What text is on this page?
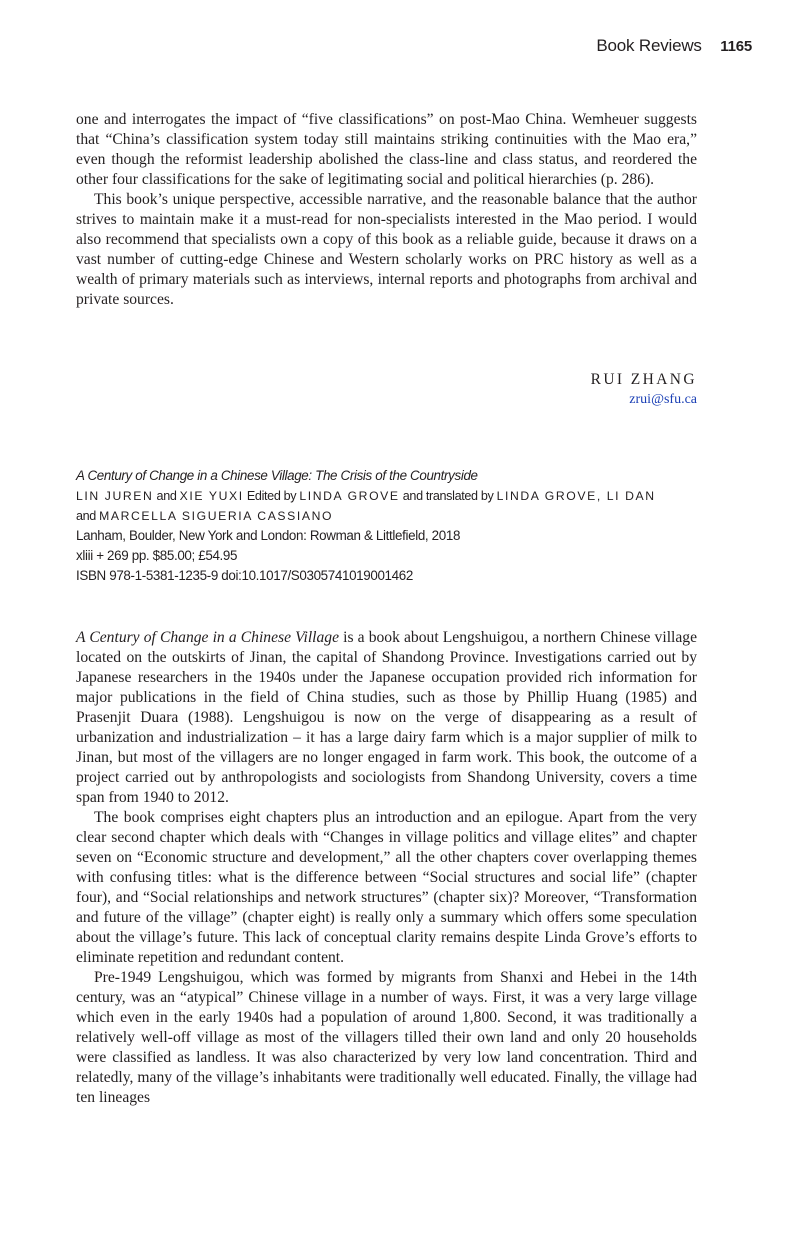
Book Reviews 1165

one and interrogates the impact of “five classifications” on post-Mao China. Wemheuer suggests that “China’s classification system today still maintains striking continuities with the Mao era,” even though the reformist leadership abolished the class-line and class status, and reordered the other four classifications for the sake of legitimating social and political hierarchies (p. 286).

This book’s unique perspective, accessible narrative, and the reasonable balance that the author strives to maintain make it a must-read for non-specialists interested in the Mao period. I would also recommend that specialists own a copy of this book as a reliable guide, because it draws on a vast number of cutting-edge Chinese and Western scholarly works on PRC history as well as a wealth of primary materials such as interviews, internal reports and photographs from archival and private sources.

RUI ZHANG
zrui@sfu.ca
A Century of Change in a Chinese Village: The Crisis of the Countryside
LIN JUREN and XIE YUXI Edited by LINDA GROVE and translated by LINDA GROVE, LI DAN
and MARCELLA SIGUERIA CASSIANO
Lanham, Boulder, New York and London: Rowman & Littlefield, 2018
xliii + 269 pp. $85.00; £54.95
ISBN 978-1-5381-1235-9 doi:10.1017/S0305741019001462

A Century of Change in a Chinese Village is a book about Lengshuigou, a northern Chinese village located on the outskirts of Jinan, the capital of Shandong Province. Investigations carried out by Japanese researchers in the 1940s under the Japanese occupation provided rich information for major publications in the field of China studies, such as those by Phillip Huang (1985) and Prasenjit Duara (1988). Lengshuigou is now on the verge of disappearing as a result of urbanization and industrialization – it has a large dairy farm which is a major supplier of milk to Jinan, but most of the villagers are no longer engaged in farm work. This book, the outcome of a project carried out by anthropologists and sociologists from Shandong University, covers a time span from 1940 to 2012.

The book comprises eight chapters plus an introduction and an epilogue. Apart from the very clear second chapter which deals with “Changes in village politics and village elites” and chapter seven on “Economic structure and development,” all the other chapters cover overlapping themes with confusing titles: what is the difference between “Social structures and social life” (chapter four), and “Social relationships and network structures” (chapter six)? Moreover, “Transformation and future of the village” (chapter eight) is really only a summary which offers some speculation about the village’s future. This lack of conceptual clarity remains despite Linda Grove’s efforts to eliminate repetition and redundant content.

Pre-1949 Lengshuigou, which was formed by migrants from Shanxi and Hebei in the 14th century, was an “atypical” Chinese village in a number of ways. First, it was a very large village which even in the early 1940s had a population of around 1,800. Second, it was traditionally a relatively well-off village as most of the villagers tilled their own land and only 20 households were classified as landless. It was also characterized by very low land concentration. Third and relatedly, many of the village’s inhabitants were traditionally well educated. Finally, the village had ten lineages
